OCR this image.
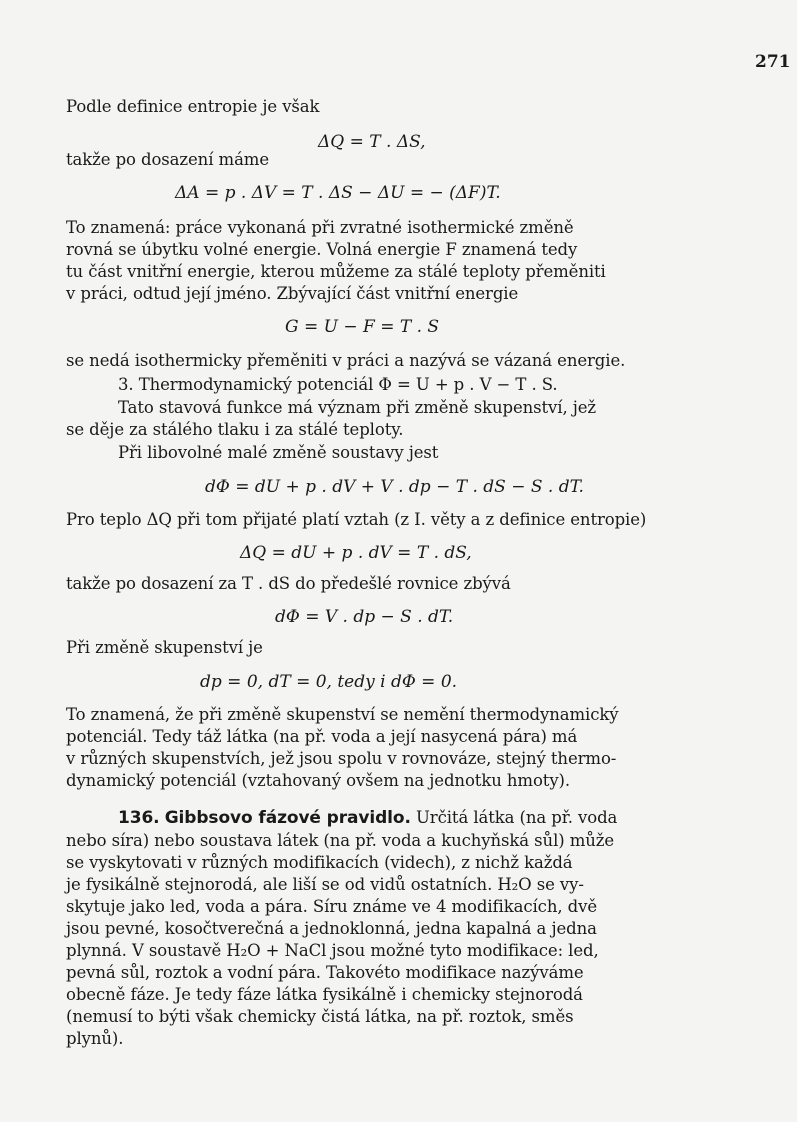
271
Podle definice entropie je však
ΔQ = T . ΔS,
takže po dosazení máme
ΔA = p . ΔV = T . ΔS − ΔU = − (ΔF)T.
To znamená: práce vykonaná při zvratné isothermické změně
rovná se úbytku volné energie. Volná energie F znamená tedy
tu část vnitřní energie, kterou můžeme za stálé teploty přeměniti
v práci, odtud její jméno. Zbývající část vnitřní energie
G = U − F = T . S
se nedá isothermicky přeměniti v práci a nazývá se vázaná energie.
3. Thermodynamický potenciál Φ = U + p . V − T . S.
Tato stavová funkce má význam při změně skupenství, jež
se děje za stálého tlaku i za stálé teploty.
Při libovolné malé změně soustavy jest
dΦ = dU + p . dV + V . dp − T . dS − S . dT.
Pro teplo ΔQ při tom přijaté platí vztah (z I. věty a z definice entropie)
ΔQ = dU + p . dV = T . dS,
takže po dosazení za T . dS do předešlé rovnice zbývá
dΦ = V . dp − S . dT.
Při změně skupenství je
dp = 0, dT = 0, tedy i dΦ = 0.
To znamená, že při změně skupenství se nemění thermodynamický
potenciál. Tedy táž látka (na př. voda a její nasycená pára) má
v různých skupenstvích, jež jsou spolu v rovnováze, stejný thermo-
dynamický potenciál (vztahovaný ovšem na jednotku hmoty).
136. Gibbsovo fázové pravidlo. Určitá látka (na př. voda
nebo síra) nebo soustava látek (na př. voda a kuchyňská sůl) může
se vyskytovati v různých modifikacích (videch), z nichž každá
je fysikálně stejnorodá, ale liší se od vidů ostatních. H₂O se vy-
skytuje jako led, voda a pára. Síru známe ve 4 modifikacích, dvě
jsou pevné, kosočtverečná a jednoklonná, jedna kapalná a jedna
plynná. V soustavě H₂O + NaCl jsou možné tyto modifikace: led,
pevná sůl, roztok a vodní pára. Takovéto modifikace nazýváme
obecně fáze. Je tedy fáze látka fysikálně i chemicky stejnorodá
(nemusí to býti však chemicky čistá látka, na př. roztok, směs
plynů).
